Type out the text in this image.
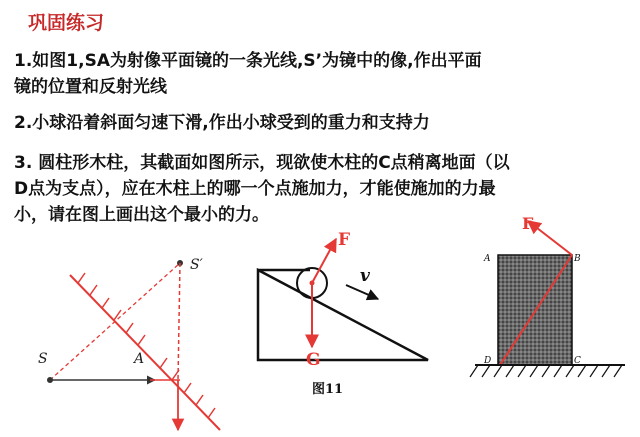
巩固练习
1.如图1,SA为射像平面镜的一条光线,S’为镜中的像,作出平面
镜的位置和反射光线
2.小球沿着斜面匀速下滑,作出小球受到的重力和支持力
3. 圆柱形木柱，其截面如图所示，现欲使木柱的C点稍离地面（以
D点为支点），应在木柱上的哪一个点施加力，才能使施加的力最
小，请在图上画出这个最小的力。
S′
S	A
F
G
v
图11
A	B
C
D
F
